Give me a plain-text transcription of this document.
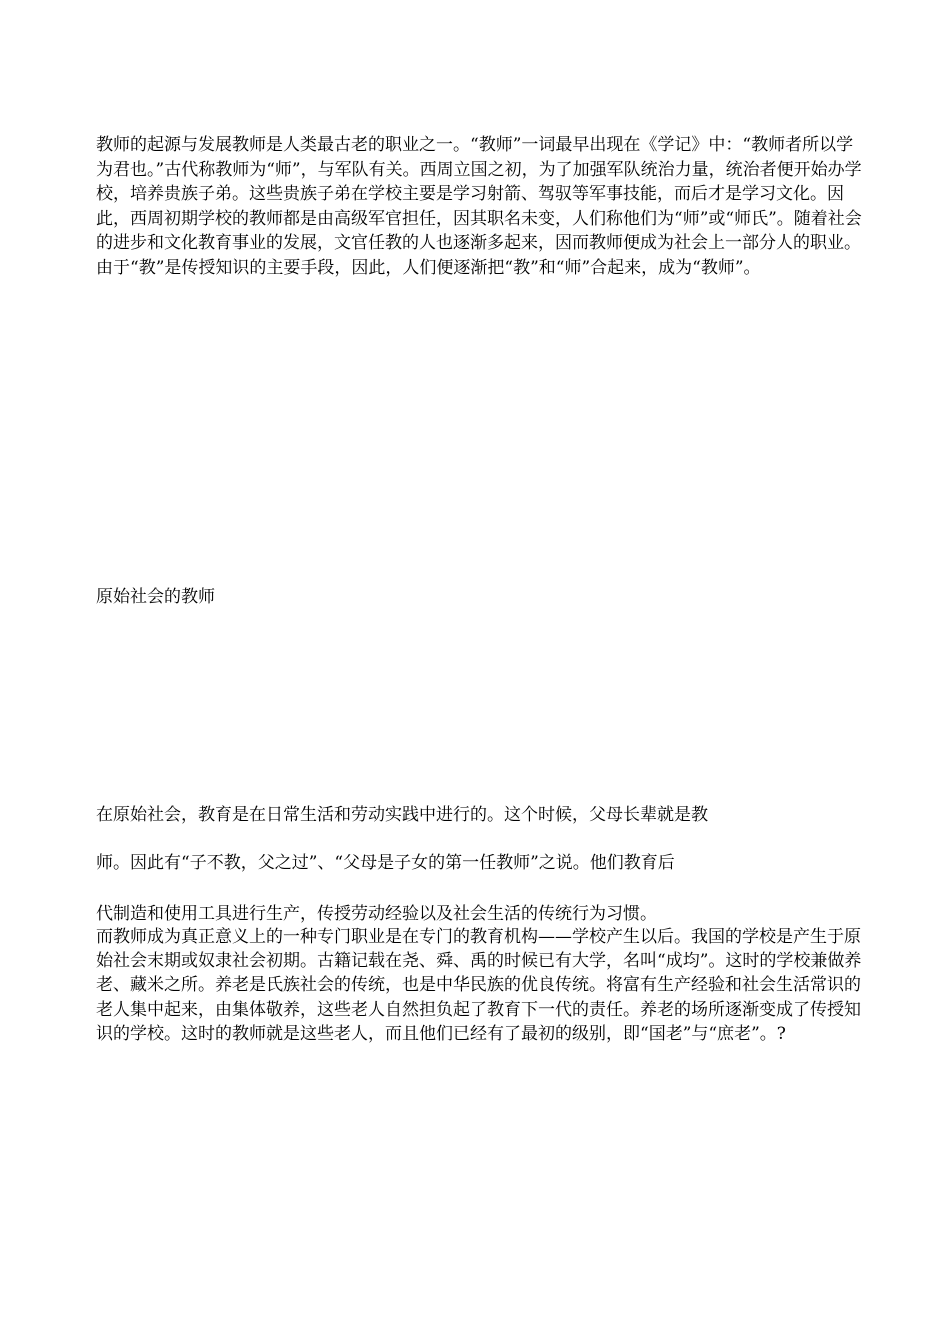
教师的起源与发展教师是人类最古老的职业之一。“教师”一词最早出现在《学记》中：“教师者所以学为君也。”古代称教师为“师”，与军队有关。西周立国之初，为了加强军队统治力量，统治者便开始办学校，培养贵族子弟。这些贵族子弟在学校主要是学习射箭、驾驭等军事技能，而后才是学习文化。因此，西周初期学校的教师都是由高级军官担任，因其职名未变，人们称他们为“师”或“师氏”。随着社会的进步和文化教育事业的发展，文官任教的人也逐渐多起来，因而教师便成为社会上一部分人的职业。由于“教”是传授知识的主要手段，因此，人们便逐渐把“教”和“师”合起来，成为“教师”。

原始社会的教师

在原始社会，教育是在日常生活和劳动实践中进行的。这个时候，父母长辈就是教

师。因此有“子不教，父之过”、“父母是子女的第一任教师”之说。他们教育后

代制造和使用工具进行生产，传授劳动经验以及社会生活的传统行为习惯。

而教师成为真正意义上的一种专门职业是在专门的教育机构——学校产生以后。我国的学校是产生于原始社会末期或奴隶社会初期。古籍记载在尧、舜、禹的时候已有大学，名叫“成均”。这时的学校兼做养老、藏米之所。养老是氏族社会的传统，也是中华民族的优良传统。将富有生产经验和社会生活常识的老人集中起来，由集体敬养，这些老人自然担负起了教育下一代的责任。养老的场所逐渐变成了传授知识的学校。这时的教师就是这些老人，而且他们已经有了最初的级别，即“国老”与“庶老”。?
